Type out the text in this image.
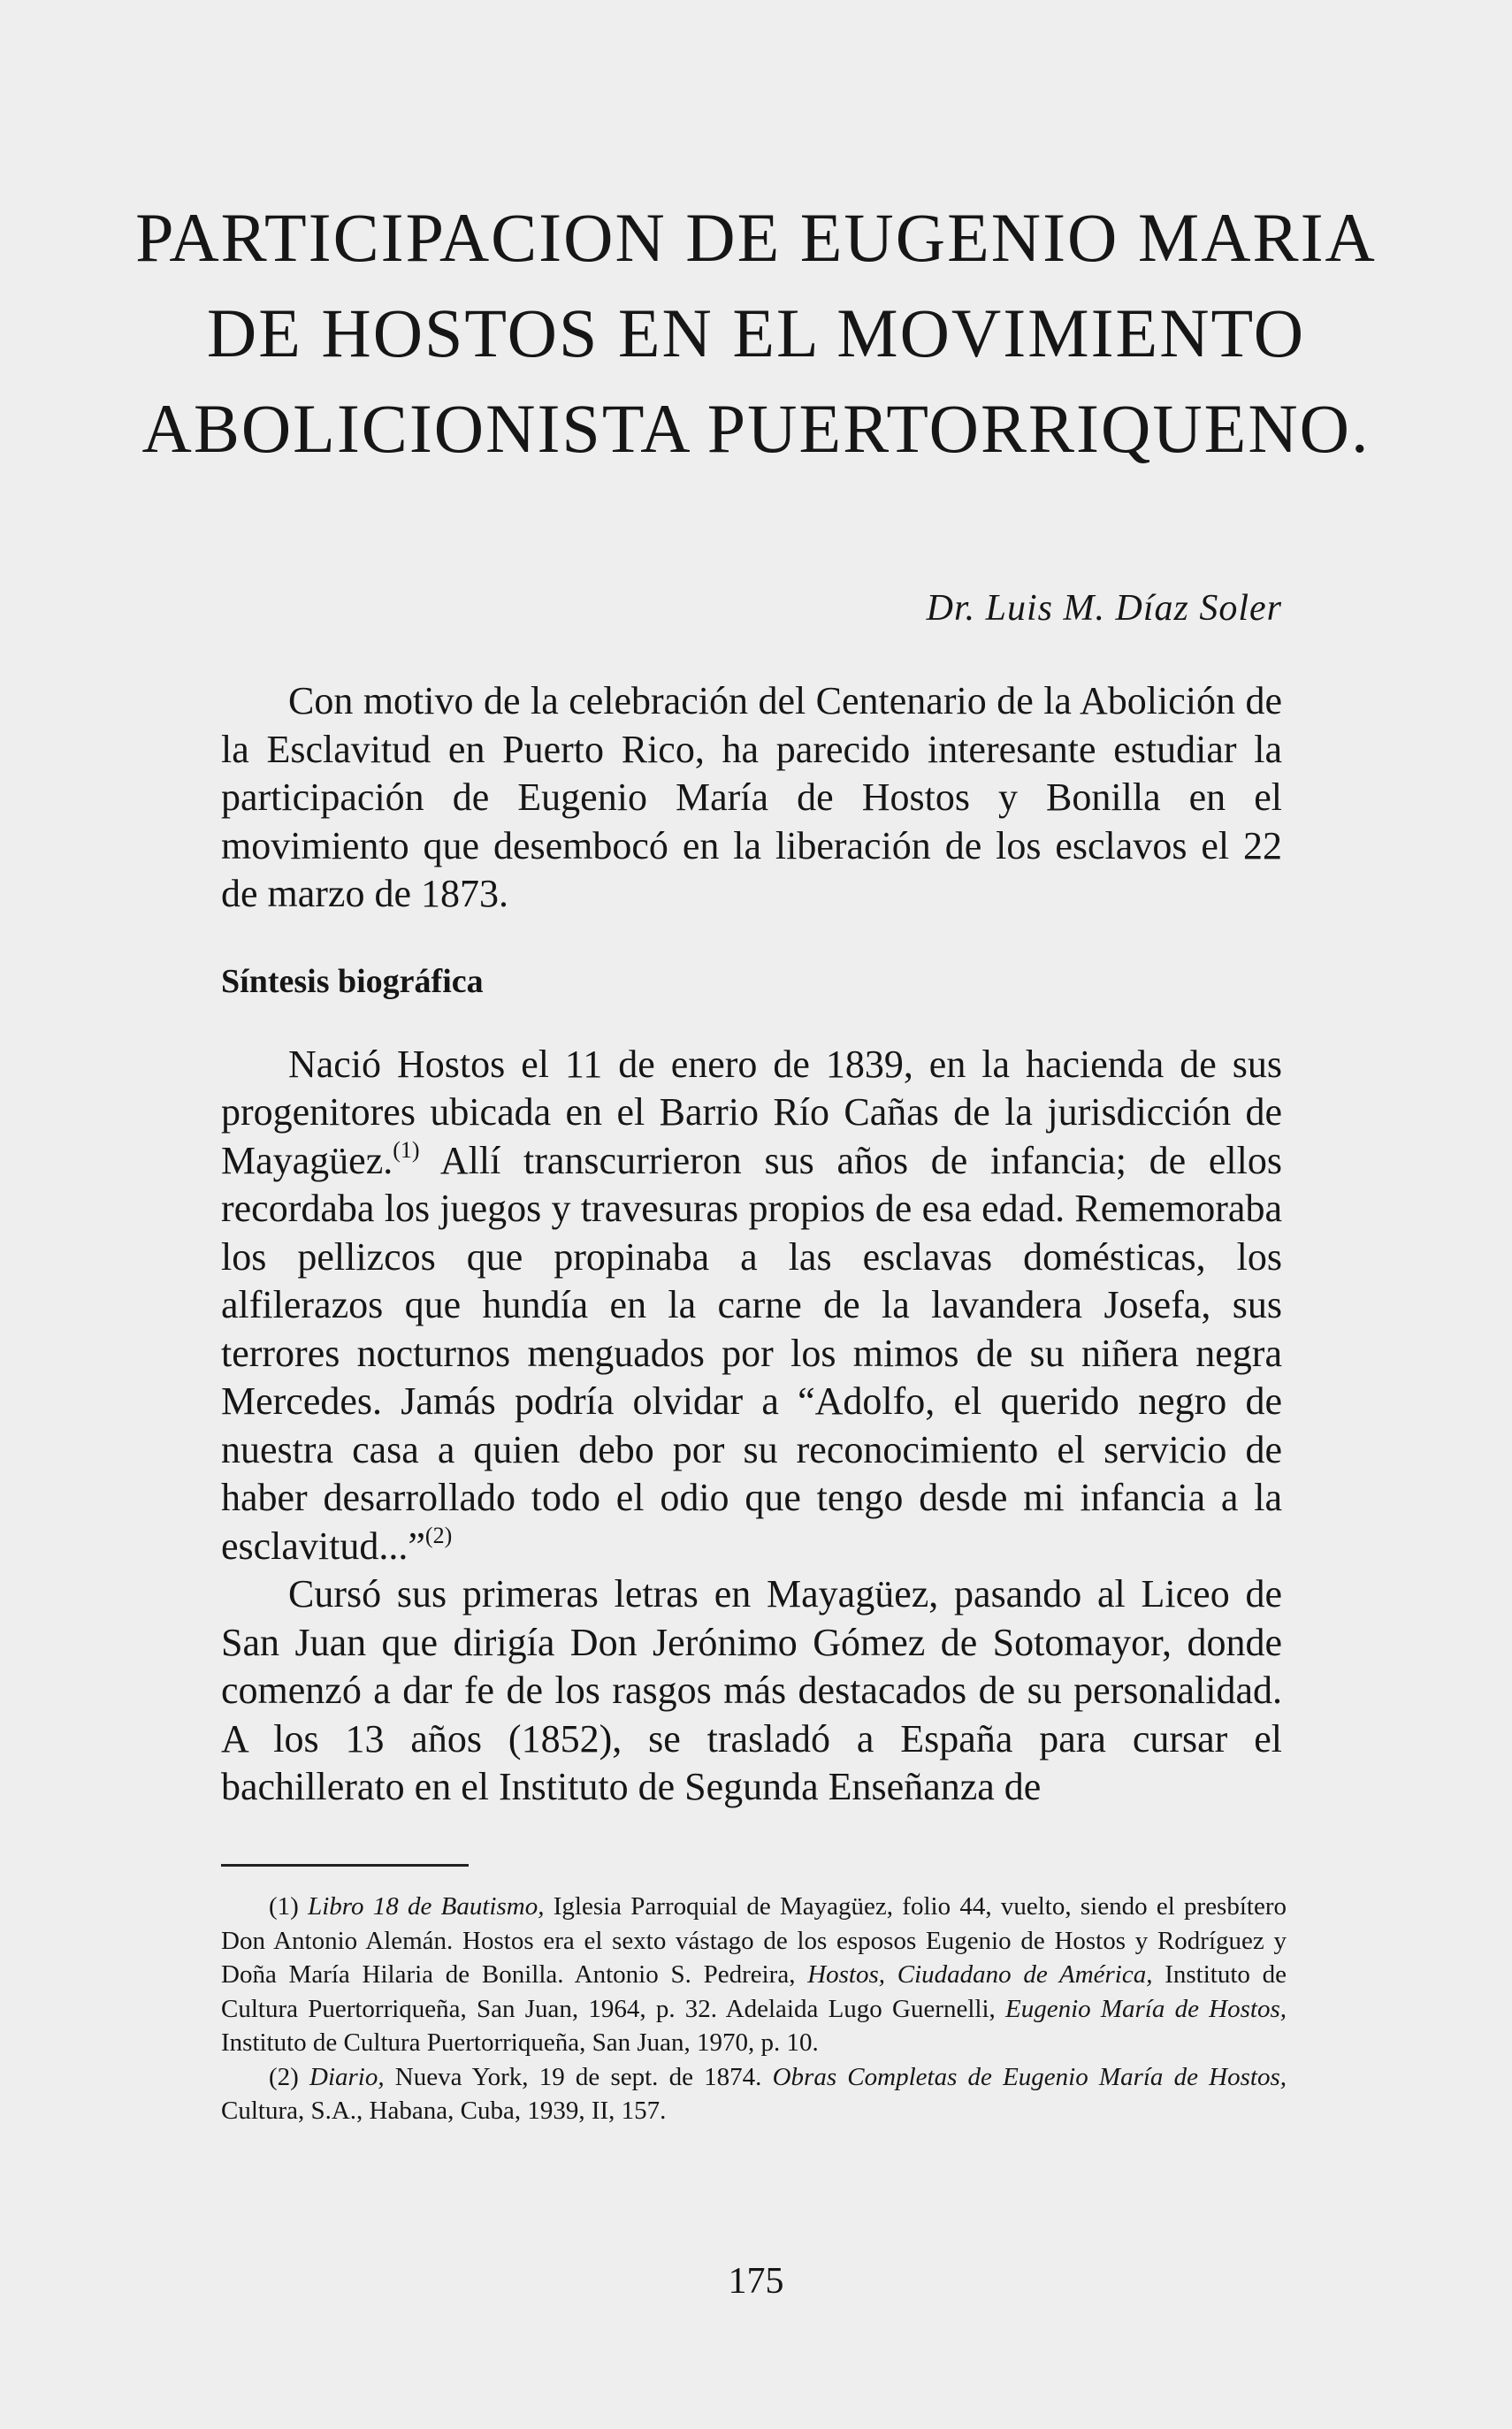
PARTICIPACION DE EUGENIO MARIA DE HOSTOS EN EL MOVIMIENTO ABOLICIONISTA PUERTORRIQUENO.
Dr. Luis M. Díaz Soler

Con motivo de la celebración del Centenario de la Abolición de la Esclavitud en Puerto Rico, ha parecido interesante estudiar la participación de Eugenio María de Hostos y Bonilla en el movimiento que desembocó en la liberación de los esclavos el 22 de marzo de 1873.

Síntesis biográfica

Nació Hostos el 11 de enero de 1839, en la hacienda de sus progenitores ubicada en el Barrio Río Cañas de la jurisdicción de Mayagüez.$^{(1)}$ Allí transcurrieron sus años de infancia; de ellos recordaba los juegos y travesuras propios de esa edad. Rememoraba los pellizcos que propinaba a las esclavas domésticas, los alfilerazos que hundía en la carne de la lavandera Josefa, sus terrores nocturnos menguados por los mimos de su niñera negra Mercedes. Jamás podría olvidar a “Adolfo, el querido negro de nuestra casa a quien debo por su reconocimiento el servicio de haber desarrollado todo el odio que tengo desde mi infancia a la esclavitud...”$^{(2)}$

Cursó sus primeras letras en Mayagüez, pasando al Liceo de San Juan que dirigía Don Jerónimo Gómez de Sotomayor, donde comenzó a dar fe de los rasgos más destacados de su personalidad. A los 13 años (1852), se trasladó a España para cursar el bachillerato en el Instituto de Segunda Enseñanza de

(1) Libro 18 de Bautismo, Iglesia Parroquial de Mayagüez, folio 44, vuelto, siendo el presbítero Don Antonio Alemán. Hostos era el sexto vástago de los esposos Eugenio de Hostos y Rodríguez y Doña María Hilaria de Bonilla. Antonio S. Pedreira, Hostos, Ciudadano de América, Instituto de Cultura Puertorriqueña, San Juan, 1964, p. 32. Adelaida Lugo Guernelli, Eugenio María de Hostos, Instituto de Cultura Puertorriqueña, San Juan, 1970, p. 10.

(2) Diario, Nueva York, 19 de sept. de 1874. Obras Completas de Eugenio María de Hostos, Cultura, S.A., Habana, Cuba, 1939, II, 157.

175
